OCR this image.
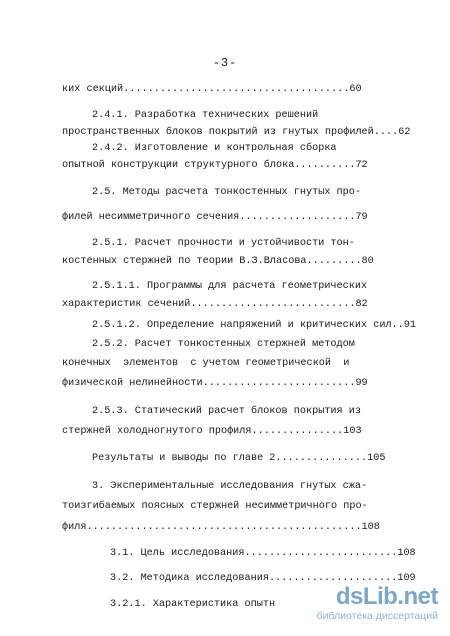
-3-
ких секций.....................................60
2.4.1. Разработка технических решений
пространственных блоков покрытий из гнутых профилей....62
2.4.2. Изготовление и контрольная сборка
опытной конструкции структурного блока..........72
2.5. Методы расчета тонкостенных гнутых про-
филей несимметричного сечения...................79
2.5.1. Расчет прочности и устойчивости тон-
костенных стержней по теории В.З.Власова.........80
2.5.1.1. Программы для расчета геометрических
характеристик сечений...........................82
2.5.1.2. Определение напряжений и критических сил..91
2.5.2. Расчет тонкостенных стержней методом
конечных  элементов  с учетом геометрической  и
физической нелинейности.........................99
2.5.3. Статический расчет блоков покрытия из
стержней холодногнутого профиля...............103
Результаты и выводы по главе 2...............105
3. Экспериментальные исследования гнутых сжа-
тоизгибаемых поясных стержней несимметричного про-
филя.............................................108
3.1. Цель исследования.........................108
3.2. Методика исследования.....................109
3.2.1. Характеристика опытн	dsLib.net
библиотека диссертаций
